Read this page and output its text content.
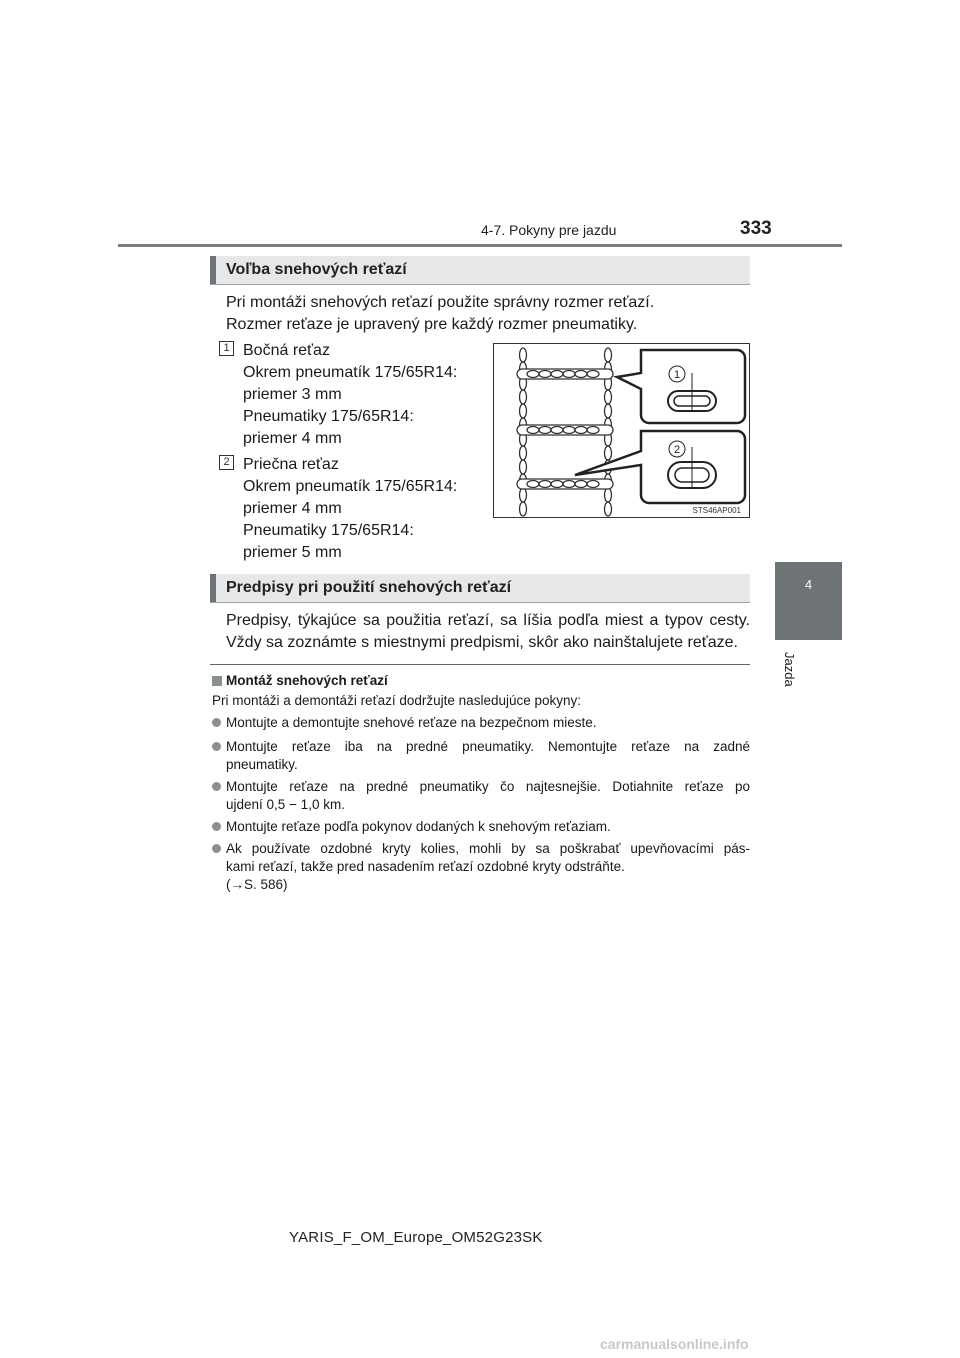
4-7. Pokyny pre jazdu	333
4
Jazda
Voľba snehových reťazí
Pri montáži snehových reťazí použite správny rozmer reťazí.
Rozmer reťaze je upravený pre každý rozmer pneumatiky.
1 Bočná reťaz
Okrem pneumatík 175/65R14:
priemer 3 mm
Pneumatiky 175/65R14:
priemer 4 mm
2 Priečna reťaz
Okrem pneumatík 175/65R14:
priemer 4 mm
Pneumatiky 175/65R14:
priemer 5 mm
1
2
STS46AP001
Predpisy pri použití snehových reťazí
Predpisy, týkajúce sa použitia reťazí, sa líšia podľa miest a typov cesty.
Vždy sa zoznámte s miestnymi predpismi, skôr ako nainštalujete reťaze.
Montáž snehových reťazí
Pri montáži a demontáži reťazí dodržujte nasledujúce pokyny:
Montujte a demontujte snehové reťaze na bezpečnom mieste.
Montujte reťaze iba na predné pneumatiky. Nemontujte reťaze na zadné
pneumatiky.
Montujte reťaze na predné pneumatiky čo najtesnejšie. Dotiahnite reťaze po
ujdení 0,5 − 1,0 km.
Montujte reťaze podľa pokynov dodaných k snehovým reťaziam.
Ak používate ozdobné kryty kolies, mohli by sa poškrabať upevňovacími pás-
kami reťazí, takže pred nasadením reťazí ozdobné kryty odstráňte.
(→S. 586)
YARIS_F_OM_Europe_OM52G23SK
carmanualsonline.info
